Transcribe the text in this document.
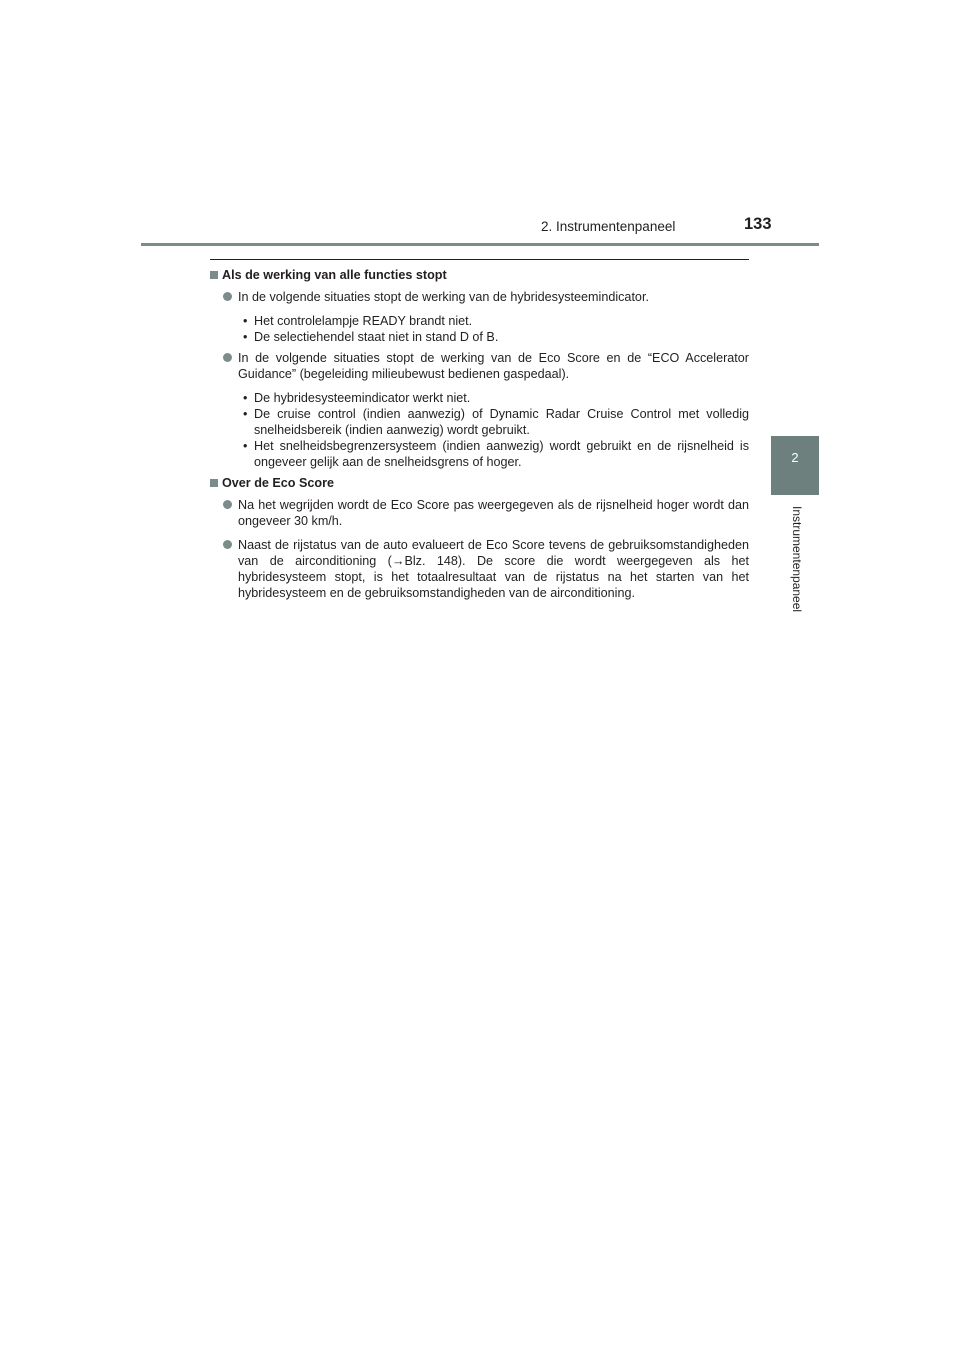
2. Instrumentenpaneel	133
2
Instrumentenpaneel
Als de werking van alle functies stopt
In de volgende situaties stopt de werking van de hybridesysteemindicator.
• Het controlelampje READY brandt niet.
• De selectiehendel staat niet in stand D of B.
In de volgende situaties stopt de werking van de Eco Score en de “ECO Accelerator Guidance” (begeleiding milieubewust bedienen gaspedaal).
• De hybridesysteemindicator werkt niet.
• De cruise control (indien aanwezig) of Dynamic Radar Cruise Control met volledig snelheidsbereik (indien aanwezig) wordt gebruikt.
• Het snelheidsbegrenzersysteem (indien aanwezig) wordt gebruikt en de rijsnelheid is ongeveer gelijk aan de snelheidsgrens of hoger.
Over de Eco Score
Na het wegrijden wordt de Eco Score pas weergegeven als de rijsnelheid hoger wordt dan ongeveer 30 km/h.
Naast de rijstatus van de auto evalueert de Eco Score tevens de gebruiksomstandigheden van de airconditioning (→Blz. 148). De score die wordt weergegeven als het hybridesysteem stopt, is het totaalresultaat van de rijstatus na het starten van het hybridesysteem en de gebruiksomstandigheden van de airconditioning.
